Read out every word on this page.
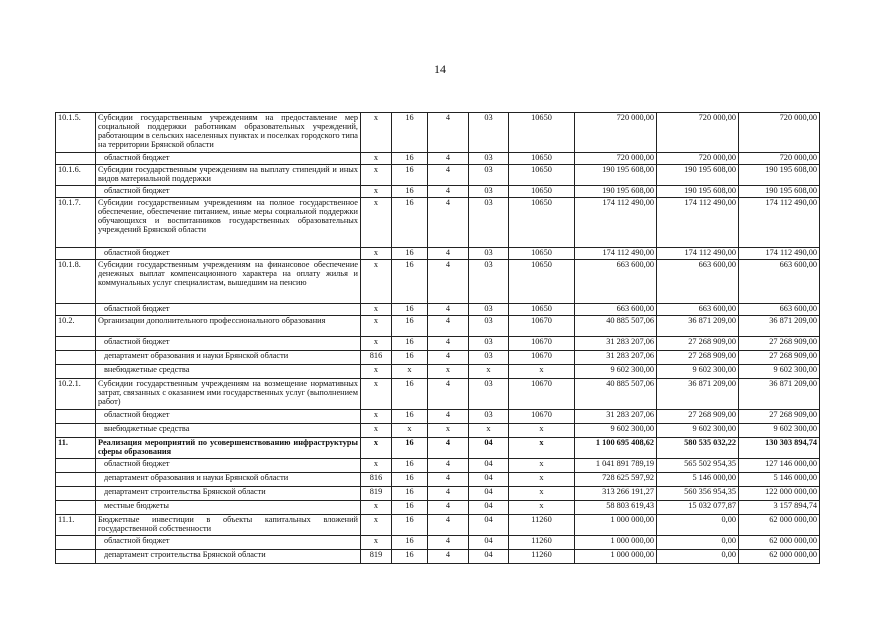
14
10.1.5.	Субсидии государственным учреждениям на предоставление мер социальной поддержки работникам образовательных учреждений, работающим в сельских населенных пунктах и поселках городского типа на территории Брянской области	х	16	4	03	10650	720 000,00	720 000,00	720 000,00
	областной бюджет	х	16	4	03	10650	720 000,00	720 000,00	720 000,00
10.1.6.	Субсидии государственным учреждениям на выплату стипендий и иных видов материальной поддержки	х	16	4	03	10650	190 195 608,00	190 195 608,00	190 195 608,00
	областной бюджет	х	16	4	03	10650	190 195 608,00	190 195 608,00	190 195 608,00
10.1.7.	Субсидии государственным учреждениям на полное государственное обеспечение, обеспечение питанием, иные меры социальной поддержки обучающихся и воспитанников государственных образовательных учреждений Брянской области	х	16	4	03	10650	174 112 490,00	174 112 490,00	174 112 490,00
	областной бюджет	х	16	4	03	10650	174 112 490,00	174 112 490,00	174 112 490,00
10.1.8.	Субсидии государственным учреждениям на финансовое обеспечение денежных выплат компенсационного характера на оплату жилья и коммунальных услуг специалистам, вышедшим на пенсию	х	16	4	03	10650	663 600,00	663 600,00	663 600,00
	областной бюджет	х	16	4	03	10650	663 600,00	663 600,00	663 600,00
10.2.	Организации дополнительного профессионального образования	х	16	4	03	10670	40 885 507,06	36 871 209,00	36 871 209,00
	областной бюджет	х	16	4	03	10670	31 283 207,06	27 268 909,00	27 268 909,00
	департамент образования и науки Брянской области	816	16	4	03	10670	31 283 207,06	27 268 909,00	27 268 909,00
	внебюджетные средства	х	х	х	х	х	9 602 300,00	9 602 300,00	9 602 300,00
10.2.1.	Субсидии государственным учреждениям на возмещение нормативных затрат, связанных с оказанием ими государственных услуг (выполнением работ)	х	16	4	03	10670	40 885 507,06	36 871 209,00	36 871 209,00
	областной бюджет	х	16	4	03	10670	31 283 207,06	27 268 909,00	27 268 909,00
	внебюджетные средства	х	х	х	х	х	9 602 300,00	9 602 300,00	9 602 300,00
11.	Реализация мероприятий по усовершенствованию инфраструктуры сферы образования	х	16	4	04	х	1 100 695 408,62	580 535 032,22	130 303 894,74
	областной бюджет	х	16	4	04	х	1 041 891 789,19	565 502 954,35	127 146 000,00
	департамент образования и науки Брянской области	816	16	4	04	х	728 625 597,92	5 146 000,00	5 146 000,00
	департамент строительства Брянской области	819	16	4	04	х	313 266 191,27	560 356 954,35	122 000 000,00
	местные бюджеты	х	16	4	04	х	58 803 619,43	15 032 077,87	3 157 894,74
11.1.	Бюджетные инвестиции в объекты капитальных вложений государственной собственности	х	16	4	04	11260	1 000 000,00	0,00	62 000 000,00
	областной бюджет	х	16	4	04	11260	1 000 000,00	0,00	62 000 000,00
	департамент строительства Брянской области	819	16	4	04	11260	1 000 000,00	0,00	62 000 000,00
